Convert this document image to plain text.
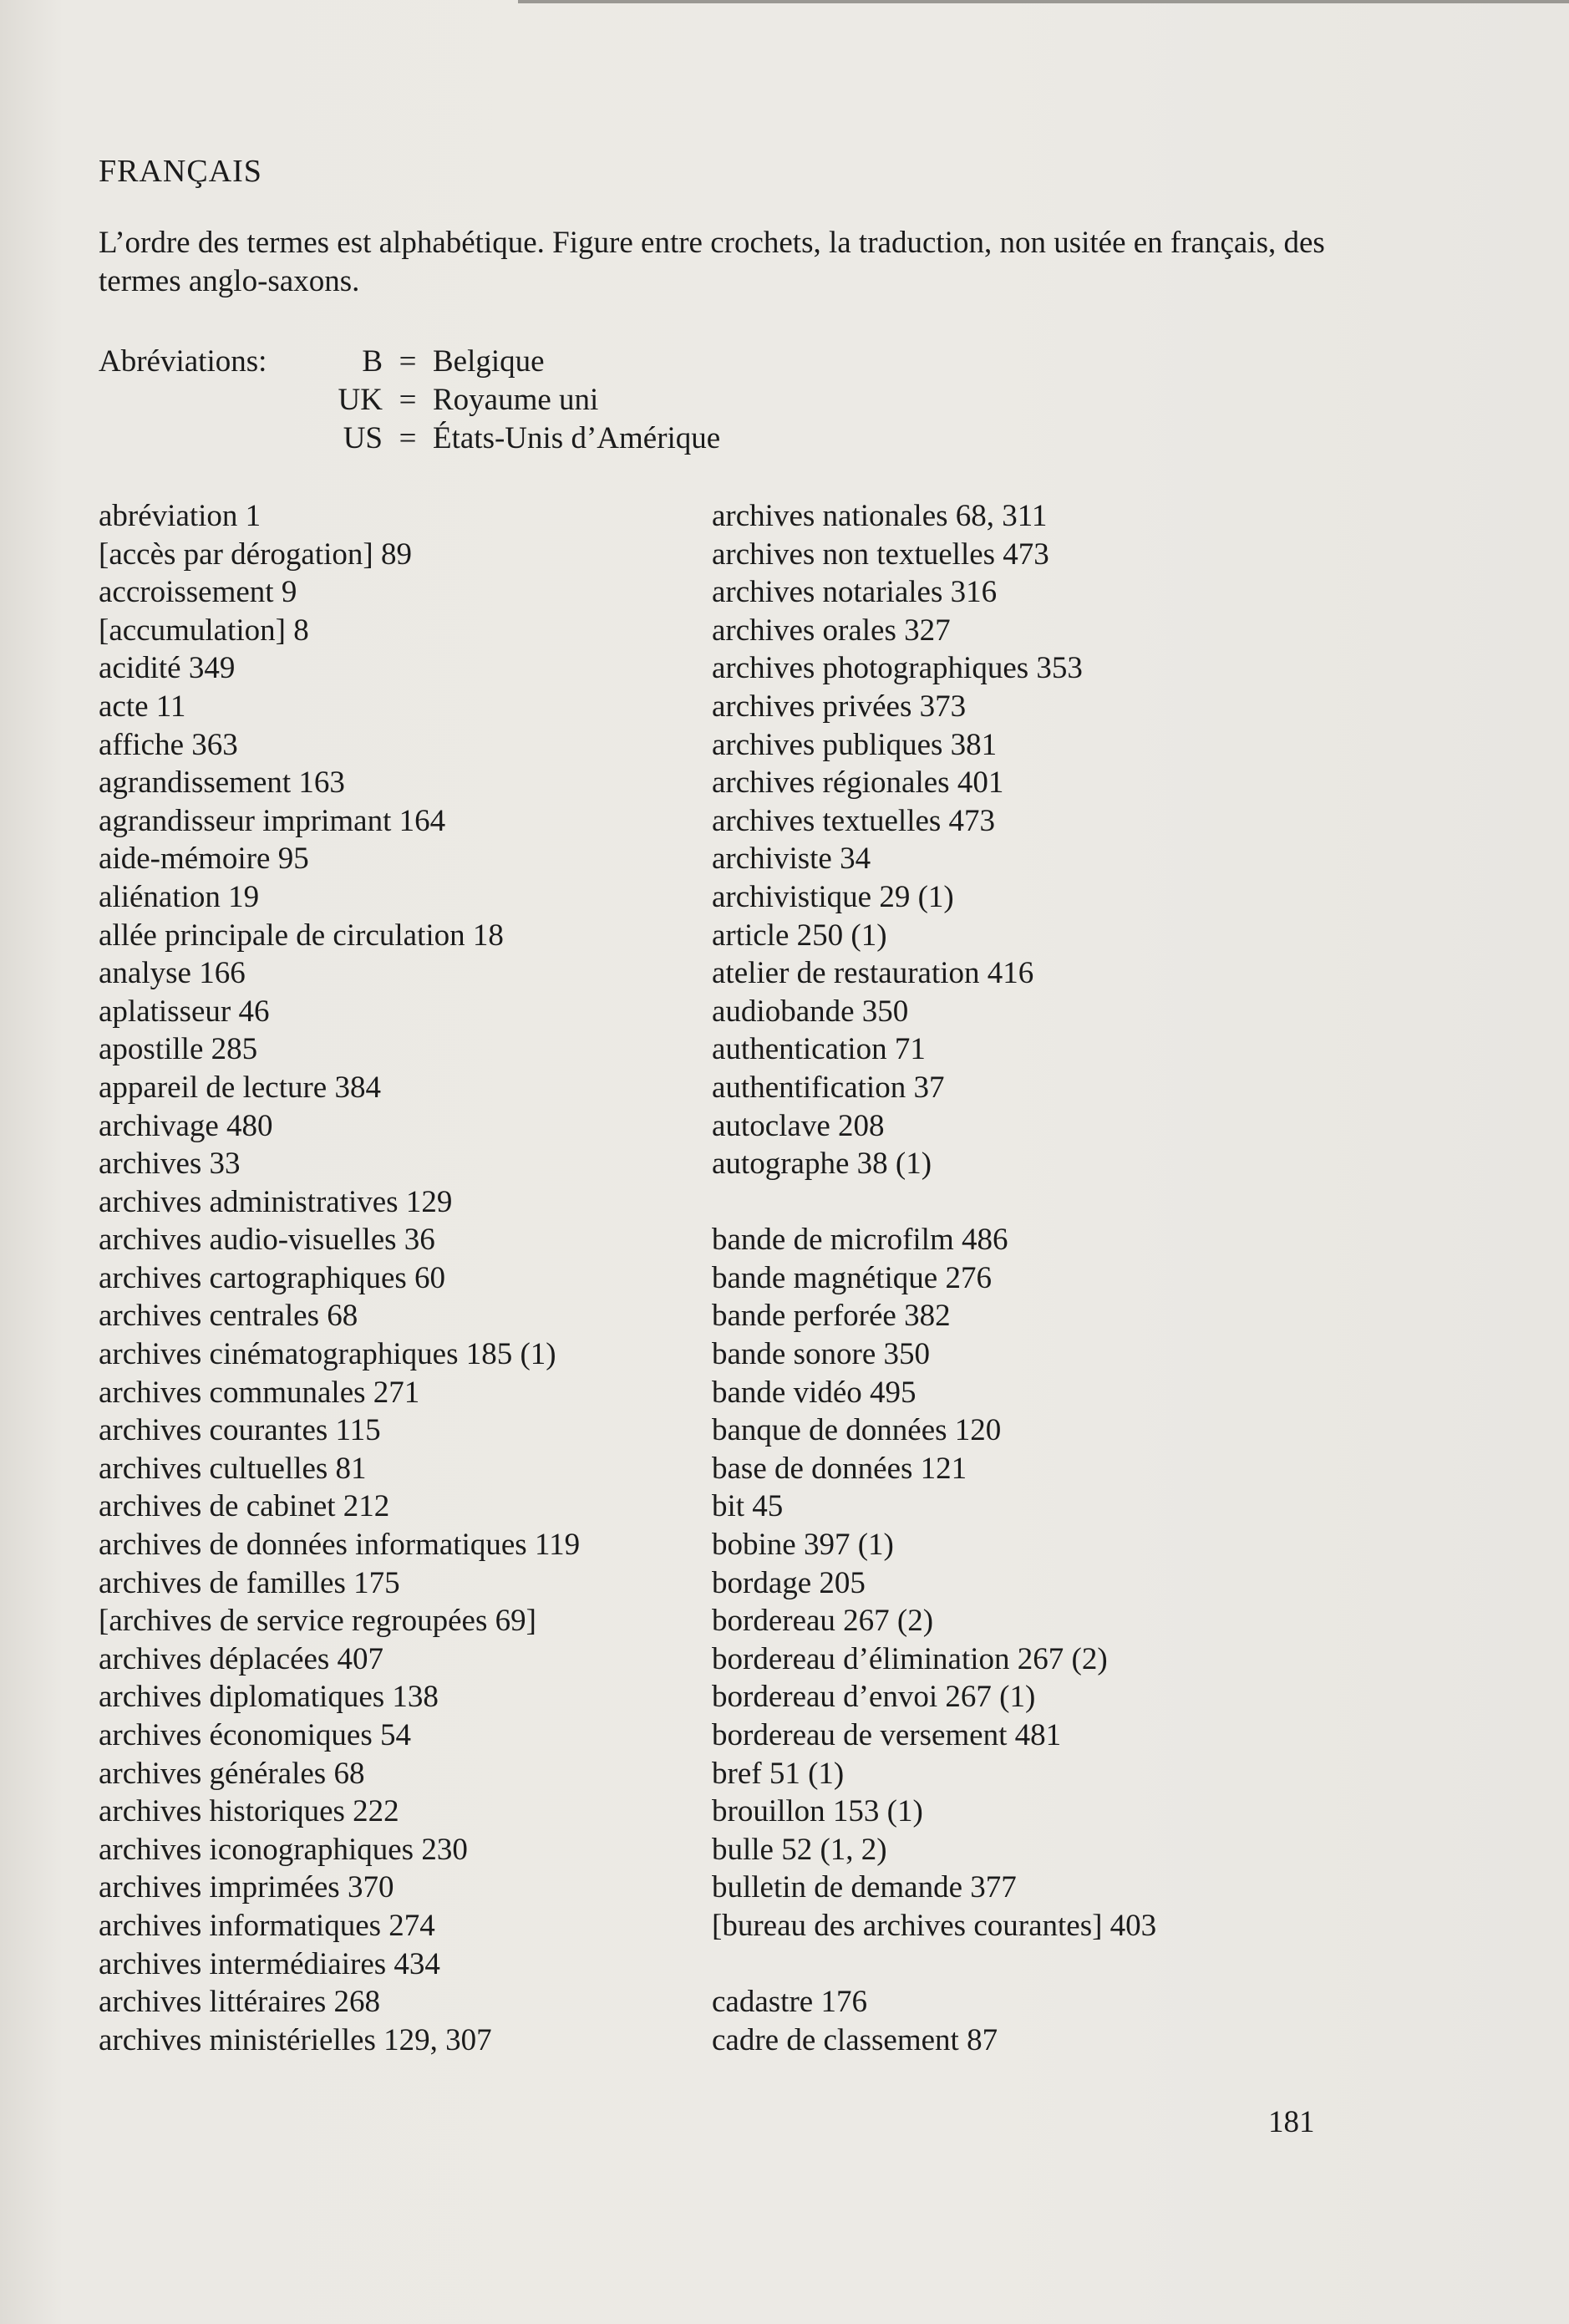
FRANÇAIS
L’ordre des termes est alphabétique. Figure entre crochets, la traduction, non usitée en français, des termes anglo-saxons.
Abréviations:	B = Belgique
UK = Royaume uni
US = États-Unis d’Amérique
abréviation 1
[accès par dérogation] 89
accroissement 9
[accumulation] 8
acidité 349
acte 11
affiche 363
agrandissement 163
agrandisseur imprimant 164
aide-mémoire 95
aliénation 19
allée principale de circulation 18
analyse 166
aplatisseur 46
apostille 285
appareil de lecture 384
archivage 480
archives 33
archives administratives 129
archives audio-visuelles 36
archives cartographiques 60
archives centrales 68
archives cinématographiques 185 (1)
archives communales 271
archives courantes 115
archives cultuelles 81
archives de cabinet 212
archives de données informatiques 119
archives de familles 175
[archives de service regroupées 69]
archives déplacées 407
archives diplomatiques 138
archives économiques 54
archives générales 68
archives historiques 222
archives iconographiques 230
archives imprimées 370
archives informatiques 274
archives intermédiaires 434
archives littéraires 268
archives ministérielles 129, 307
archives nationales 68, 311
archives non textuelles 473
archives notariales 316
archives orales 327
archives photographiques 353
archives privées 373
archives publiques 381
archives régionales 401
archives textuelles 473
archiviste 34
archivistique 29 (1)
article 250 (1)
atelier de restauration 416
audiobande 350
authentication 71
authentification 37
autoclave 208
autographe 38 (1)
bande de microfilm 486
bande magnétique 276
bande perforée 382
bande sonore 350
bande vidéo 495
banque de données 120
base de données 121
bit 45
bobine 397 (1)
bordage 205
bordereau 267 (2)
bordereau d’élimination 267 (2)
bordereau d’envoi 267 (1)
bordereau de versement 481
bref 51 (1)
brouillon 153 (1)
bulle 52 (1, 2)
bulletin de demande 377
[bureau des archives courantes] 403
cadastre 176
cadre de classement 87
181
